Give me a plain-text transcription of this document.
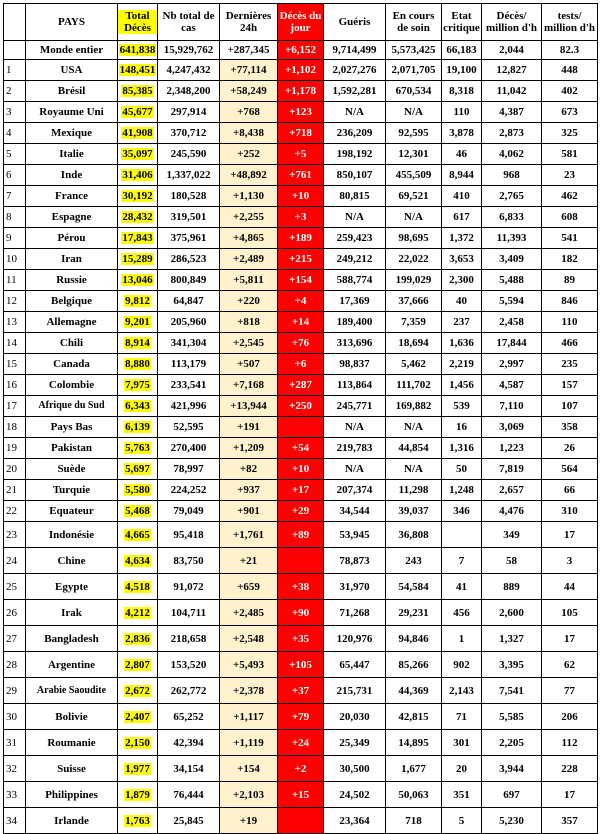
	PAYS	Total Décès	Nb total de cas	Dernières 24h	Décès du jour	Guéris	En cours de soin	Etat critique	Décès/ million d'h	tests/ million d'h
	Monde entier	641,838	15,929,762	+287,345	+6,152	9,714,499	5,573,425	66,183	2,044	82.3
1	USA	148,451	4,247,432	+77,114	+1,102	2,027,276	2,071,705	19,100	12,827	448
2	Brésil	85,385	2,348,200	+58,249	+1,178	1,592,281	670,534	8,318	11,042	402
3	Royaume Uni	45,677	297,914	+768	+123	N/A	N/A	110	4,387	673
4	Mexique	41,908	370,712	+8,438	+718	236,209	92,595	3,878	2,873	325
5	Italie	35,097	245,590	+252	+5	198,192	12,301	46	4,062	581
6	Inde	31,406	1,337,022	+48,892	+761	850,107	455,509	8,944	968	23
7	France	30,192	180,528	+1,130	+10	80,815	69,521	410	2,765	462
8	Espagne	28,432	319,501	+2,255	+3	N/A	N/A	617	6,833	608
9	Pérou	17,843	375,961	+4,865	+189	259,423	98,695	1,372	11,393	541
10	Iran	15,289	286,523	+2,489	+215	249,212	22,022	3,653	3,409	182
11	Russie	13,046	800,849	+5,811	+154	588,774	199,029	2,300	5,488	89
12	Belgique	9,812	64,847	+220	+4	17,369	37,666	40	5,594	846
13	Allemagne	9,201	205,960	+818	+14	189,400	7,359	237	2,458	110
14	Chili	8,914	341,304	+2,545	+76	313,696	18,694	1,636	17,844	466
15	Canada	8,880	113,179	+507	+6	98,837	5,462	2,219	2,997	235
16	Colombie	7,975	233,541	+7,168	+287	113,864	111,702	1,456	4,587	157
17	Afrique du Sud	6,343	421,996	+13,944	+250	245,771	169,882	539	7,110	107
18	Pays Bas	6,139	52,595	+191		N/A	N/A	16	3,069	358
19	Pakistan	5,763	270,400	+1,209	+54	219,783	44,854	1,316	1,223	26
20	Suède	5,697	78,997	+82	+10	N/A	N/A	50	7,819	564
21	Turquie	5,580	224,252	+937	+17	207,374	11,298	1,248	2,657	66
22	Equateur	5,468	79,049	+901	+29	34,544	39,037	346	4,476	310
23	Indonésie	4,665	95,418	+1,761	+89	53,945	36,808		349	17
24	Chine	4,634	83,750	+21		78,873	243	7	58	3
25	Egypte	4,518	91,072	+659	+38	31,970	54,584	41	889	44
26	Irak	4,212	104,711	+2,485	+90	71,268	29,231	456	2,600	105
27	Bangladesh	2,836	218,658	+2,548	+35	120,976	94,846	1	1,327	17
28	Argentine	2,807	153,520	+5,493	+105	65,447	85,266	902	3,395	62
29	Arabie Saoudite	2,672	262,772	+2,378	+37	215,731	44,369	2,143	7,541	77
30	Bolivie	2,407	65,252	+1,117	+79	20,030	42,815	71	5,585	206
31	Roumanie	2,150	42,394	+1,119	+24	25,349	14,895	301	2,205	112
32	Suisse	1,977	34,154	+154	+2	30,500	1,677	20	3,944	228
33	Philippines	1,879	76,444	+2,103	+15	24,502	50,063	351	697	17
34	Irlande	1,763	25,845	+19		23,364	718	5	5,230	357
